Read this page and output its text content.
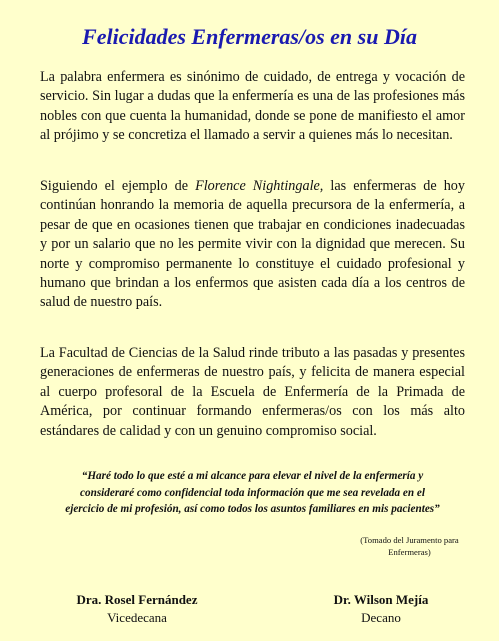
Felicidades Enfermeras/os en su Día

La palabra enfermera es sinónimo de cuidado, de entrega y vocación de servicio. Sin lugar a dudas que la enfermería es una de las profesiones más nobles con que cuenta la humanidad, donde se pone de manifiesto el amor al prójimo y se concretiza el llamado a servir a quienes más lo necesitan.

Siguiendo el ejemplo de Florence Nightingale, las enfermeras de hoy continúan honrando la memoria de aquella precursora de la enfermería, a pesar de que en ocasiones tienen que trabajar en condiciones inadecuadas y por un salario que no les permite vivir con la dignidad que merecen. Su norte y compromiso permanente lo constituye el cuidado profesional y humano que brindan a los enfermos que asisten cada día a los centros de salud de nuestro país.

La Facultad de Ciencias de la Salud rinde tributo a las pasadas y presentes generaciones de enfermeras de nuestro país, y felicita de manera especial al cuerpo profesoral de la Escuela de Enfermería de la Primada de América, por continuar formando enfermeras/os con los más alto estándares de calidad y con un genuino compromiso social.

“Haré todo lo que esté a mi alcance para elevar el nivel de la enfermería y consideraré como confidencial toda información que me sea revelada en el ejercicio de mi profesión, así como todos los asuntos familiares en mis pacientes”

(Tomado del Juramento para Enfermeras)

Dra. Rosel Fernández
Vicedecana
Dr. Wilson Mejía
Decano
